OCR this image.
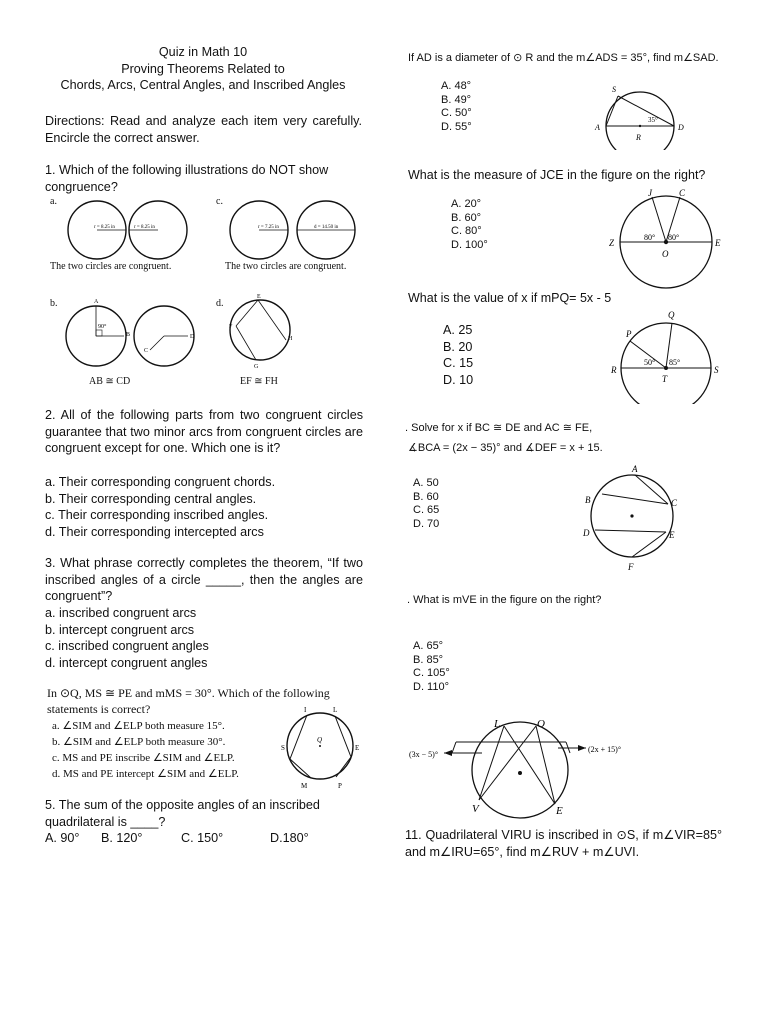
Quiz in Math 10
Proving Theorems Related to
Chords, Arcs, Central Angles, and Inscribed Angles
Directions: Read and analyze each item very carefully. Encircle the correct answer.
1. Which of the following illustrations do NOT show congruence?
a.
r = 8.25 in	r = 8.25 in
The two circles are congruent.
c.
r = 7.25 in	d = 14.50 in
The two circles are congruent.
b.
90°
A
B
C
D
AB ≅ CD
d.
E
F
H
G
EF ≅ FH
2. All of the following parts from two congruent circles guarantee that two minor arcs from congruent circles are congruent except for one. Which one is it?
a. Their corresponding congruent chords.
b. Their corresponding central angles.
c. Their corresponding inscribed angles.
d. Their corresponding intercepted arcs
3. What phrase correctly completes the theorem, “If two inscribed angles of a circle _____, then the angles are congruent”?
a. inscribed congruent arcs
b. intercept congruent arcs
c. inscribed congruent angles
d. intercept congruent angles
In ⊙Q, MS ≅ PE and mMS = 30°. Which of the following
statements is correct?
a. ∠SIM and ∠ELP both measure 15°.
b. ∠SIM and ∠ELP both measure 30°.
c. MS and PE inscribe ∠SIM and ∠ELP.
d. MS and PE intercept ∠SIM and ∠ELP.
I	L
S	E
Q
M	P
5. The sum of the opposite angles of an inscribed
quadrilateral is ____?
A. 90° B. 120°	C. 150°	D.180°
If AD is a diameter of ⊙ R and the m∠ADS = 35°, find m∠SAD.
A. 48°
B. 49°
C. 50°
D. 55°
S
A	D
R
35°
What is the measure of JCE in the figure on the right?
A. 20°
B. 60°
C. 80°
D. 100°
J	C
Z	E
O
80° 80°
What is the value of x if mPQ= 5x - 5
A. 25
B. 20
C. 15
D. 10
Q
P
R	S
T
50° 85°
. Solve for x if BC ≅ DE and AC ≅ FE,
∡BCA = (2x − 35)° and ∡DEF = x + 15.
A. 50
B. 60
C. 65
D. 70
A
B	C
D	E
F
. What is mVE in the figure on the right?
A. 65°
B. 85°
C. 105°
D. 110°
L	O
V	E
(3x − 5)°
(2x + 15)°
11. Quadrilateral VIRU is inscribed in ⊙S, if m∠VIR=85° and m∠IRU=65°, find m∠RUV + m∠UVI.
